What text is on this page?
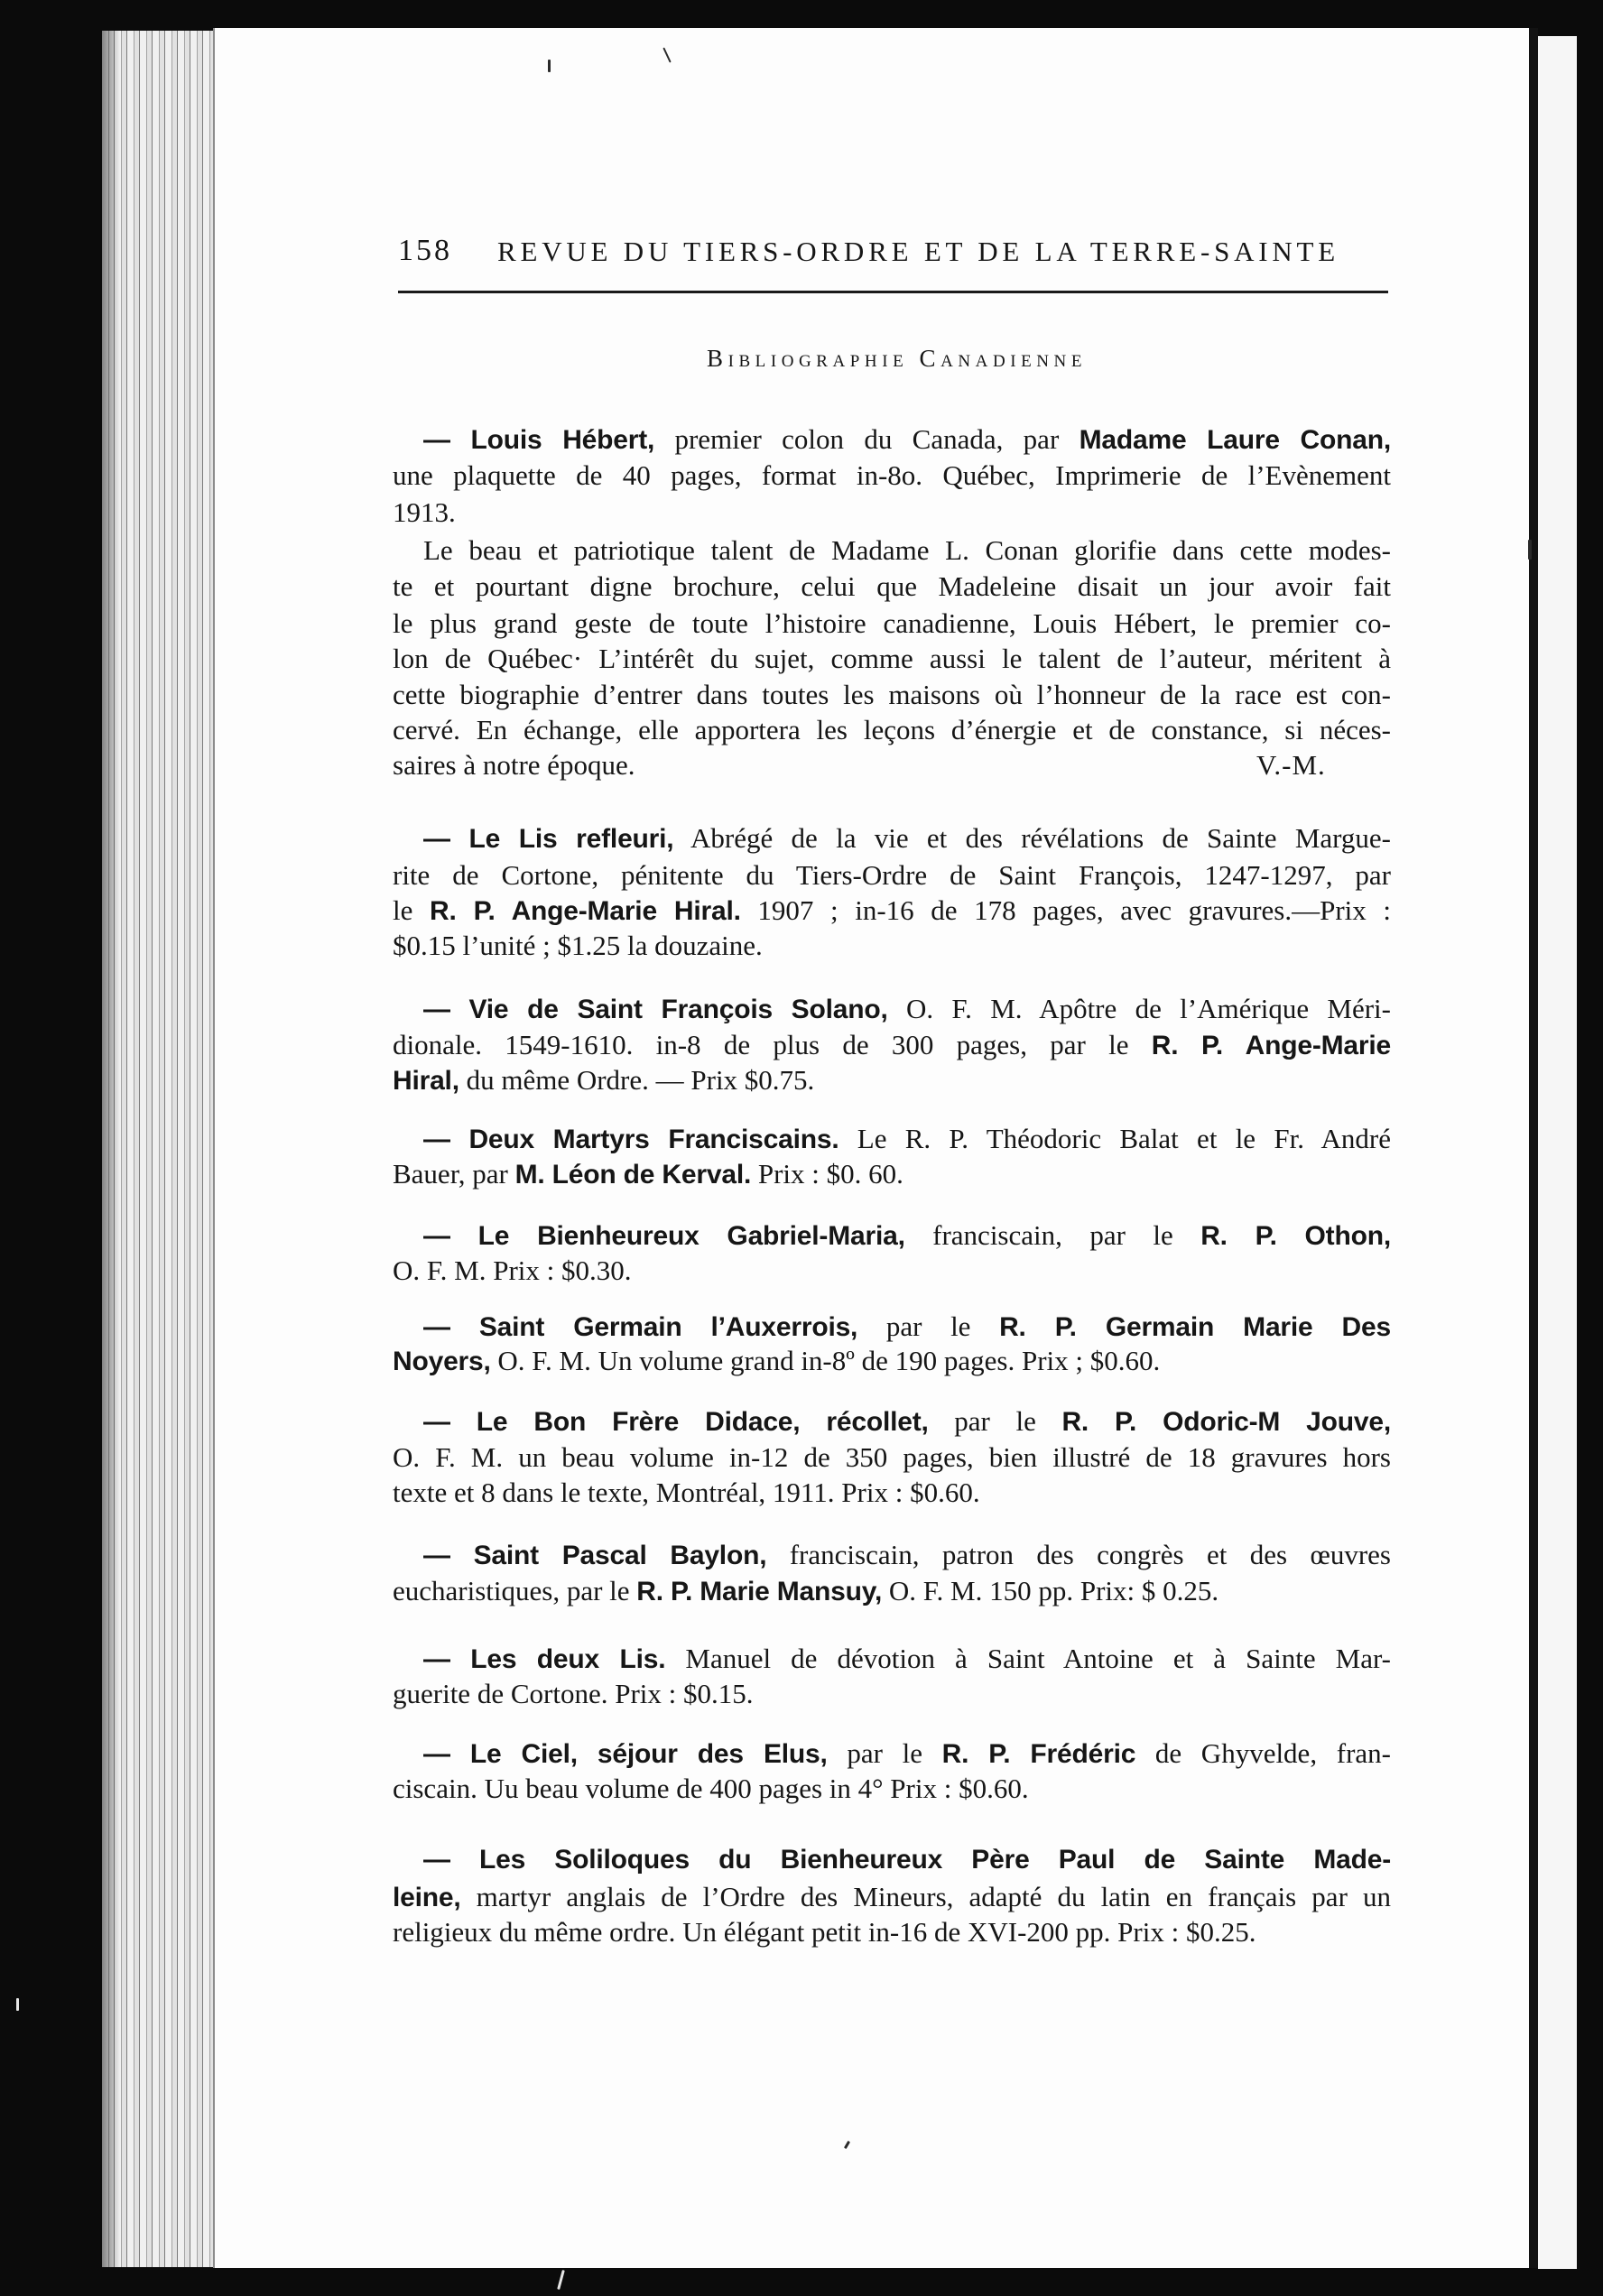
158 REVUE DU TIERS-ORDRE ET DE LA TERRE-SAINTE
Bibliographie Canadienne
— Louis Hébert, premier colon du Canada, par Madame Laure Conan,
une plaquette de 40 pages, format in-8o. Québec, Imprimerie de l’Evènement
1913.
Le beau et patriotique talent de Madame L. Conan glorifie dans cette modes-
te et pourtant digne brochure, celui que Madeleine disait un jour avoir fait
le plus grand geste de toute l’histoire canadienne, Louis Hébert, le premier co-
lon de Québec· L’intérêt du sujet, comme aussi le talent de l’auteur, méritent à
cette biographie d’entrer dans toutes les maisons où l’honneur de la race est con-
cervé. En échange, elle apportera les leçons d’énergie et de constance, si néces-
saires à notre époque.	V.-M.
— Le Lis refleuri, Abrégé de la vie et des révélations de Sainte Margue-
rite de Cortone, pénitente du Tiers-Ordre de Saint François, 1247-1297, par
le R. P. Ange-Marie Hiral. 1907 ; in-16 de 178 pages, avec gravures.—Prix :
$0.15 l’unité ; $1.25 la douzaine.
— Vie de Saint François Solano, O. F. M. Apôtre de l’Amérique Méri-
dionale. 1549-1610. in-8 de plus de 300 pages, par le R. P. Ange-Marie
Hiral, du même Ordre. — Prix $0.75.
— Deux Martyrs Franciscains. Le R. P. Théodoric Balat et le Fr. André
Bauer, par M. Léon de Kerval. Prix : $0. 60.
— Le Bienheureux Gabriel-Maria, franciscain, par le R. P. Othon,
O. F. M. Prix : $0.30.
— Saint Germain l’Auxerrois, par le R. P. Germain Marie Des
Noyers, O. F. M. Un volume grand in-8º de 190 pages. Prix ; $0.60.
— Le Bon Frère Didace, récollet, par le R. P. Odoric-M Jouve,
O. F. M. un beau volume in-12 de 350 pages, bien illustré de 18 gravures hors
texte et 8 dans le texte, Montréal, 1911. Prix : $0.60.
— Saint Pascal Baylon, franciscain, patron des congrès et des œuvres
eucharistiques, par le R. P. Marie Mansuy, O. F. M. 150 pp. Prix: $ 0.25.
— Les deux Lis. Manuel de dévotion à Saint Antoine et à Sainte Mar-
guerite de Cortone. Prix : $0.15.
— Le Ciel, séjour des Elus, par le R. P. Frédéric de Ghyvelde, fran-
ciscain. Uu beau volume de 400 pages in 4° Prix : $0.60.
— Les Soliloques du Bienheureux Père Paul de Sainte Made-
leine, martyr anglais de l’Ordre des Mineurs, adapté du latin en français par un
religieux du même ordre. Un élégant petit in-16 de XVI-200 pp. Prix : $0.25.
